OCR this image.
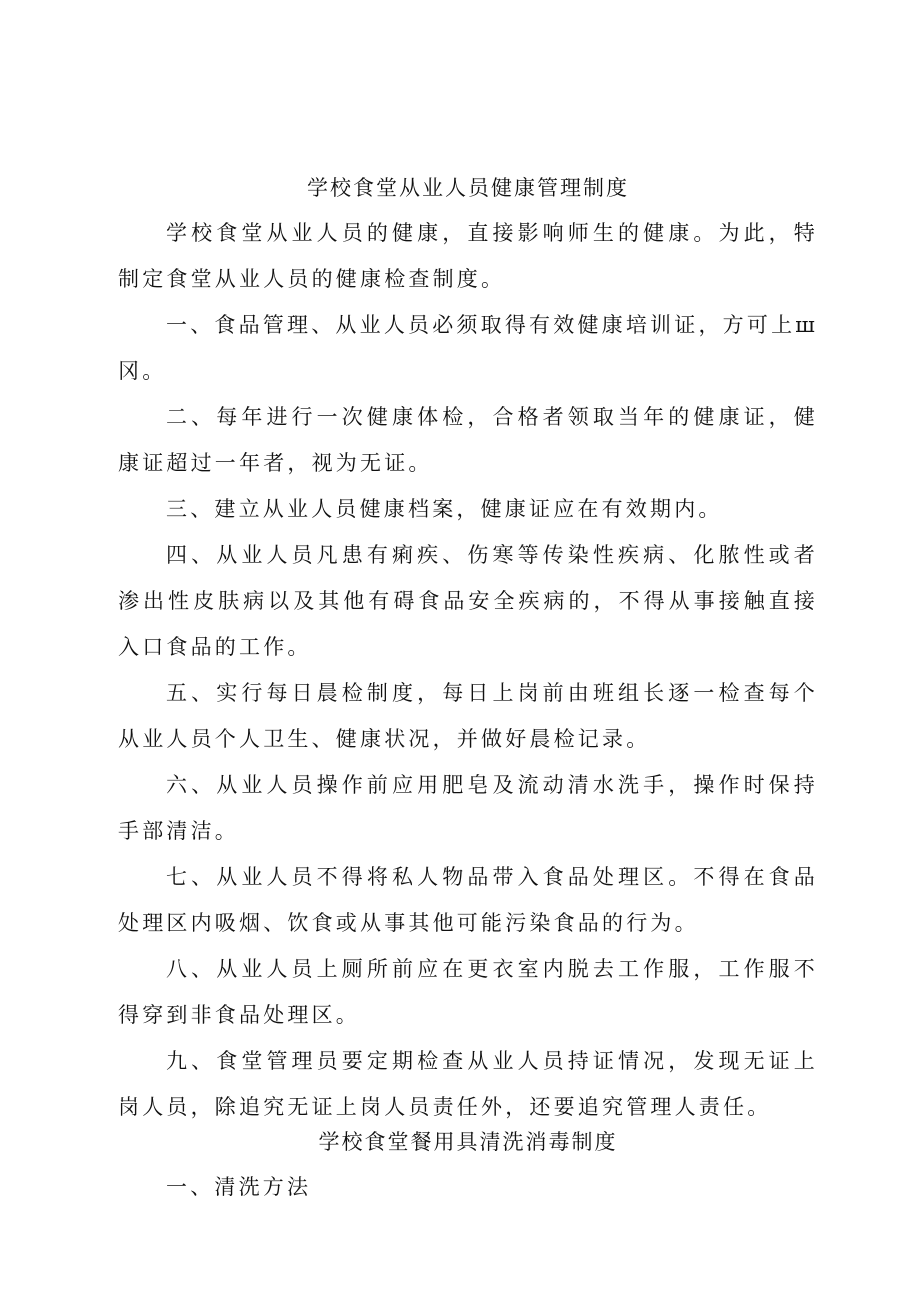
学校食堂从业人员健康管理制度

学校食堂从业人员的健康，直接影响师生的健康。为此，特制定食堂从业人员的健康检查制度。

一、食品管理、从业人员必须取得有效健康培训证，方可上ш冈。

二、每年进行一次健康体检，合格者领取当年的健康证，健康证超过一年者，视为无证。

三、建立从业人员健康档案，健康证应在有效期内。

四、从业人员凡患有痢疾、伤寒等传染性疾病、化脓性或者渗出性皮肤病以及其他有碍食品安全疾病的，不得从事接触直接入口食品的工作。

五、实行每日晨检制度，每日上岗前由班组长逐一检查每个从业人员个人卫生、健康状况，并做好晨检记录。

六、从业人员操作前应用肥皂及流动清水洗手，操作时保持手部清洁。

七、从业人员不得将私人物品带入食品处理区。不得在食品处理区内吸烟、饮食或从事其他可能污染食品的行为。

八、从业人员上厕所前应在更衣室内脱去工作服，工作服不得穿到非食品处理区。

九、食堂管理员要定期检查从业人员持证情况，发现无证上岗人员，除追究无证上岗人员责任外，还要追究管理人责任。

学校食堂餐用具清洗消毒制度

一、清洗方法
